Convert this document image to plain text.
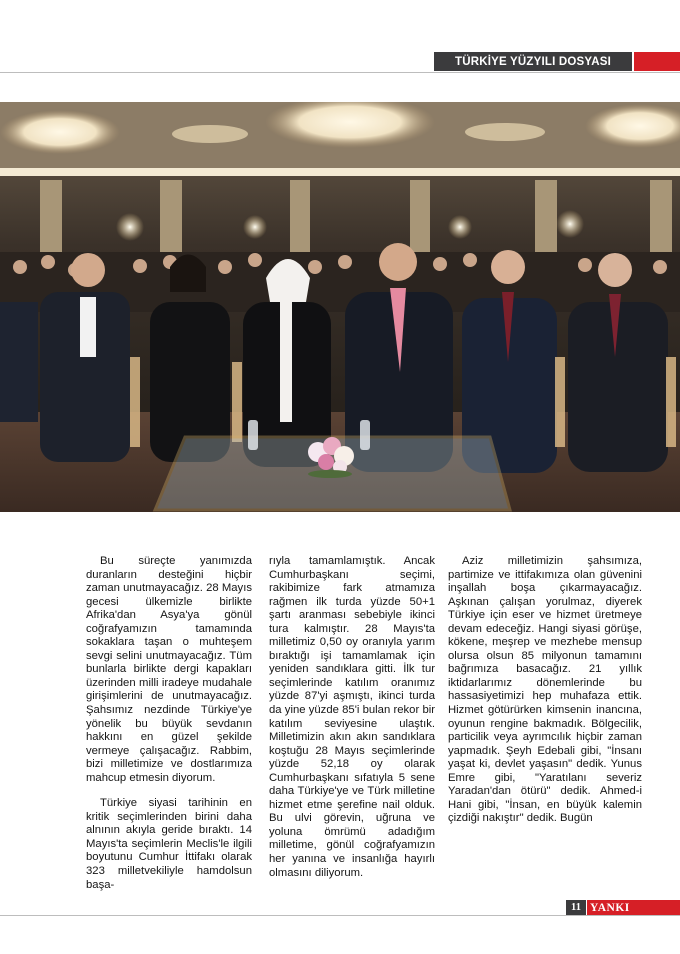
TÜRKİYE YÜZYILI DOSYASI

Bu süreçte yanımızda duranların desteğini hiçbir zaman unutmayacağız. 28 Mayıs gecesi ülkemizle birlikte Afrika'dan Asya'ya gönül coğrafyamızın tamamında sokaklara taşan o muhteşem sevgi selini unutmayacağız. Tüm bunlarla birlikte dergi kapakları üzerinden milli iradeye mudahale girişimlerini de unutmayacağız. Şahsımız nezdinde Türkiye'ye yönelik bu büyük sevdanın hakkını en güzel şekilde vermeye çalışacağız. Rabbim, bizi milletimize ve dostlarımıza mahcup etmesin diyorum.

Türkiye siyasi tarihinin en kritik seçimlerinden birini daha alnının akıyla geride bıraktı. 14 Mayıs'ta seçimlerin Meclis'le ilgili boyutunu Cumhur İttifakı olarak 323 milletvekiliyle hamdolsun başa-

rıyla tamamlamıştık. Ancak Cumhurbaşkanı seçimi, rakibimize fark atmamıza rağmen ilk turda yüzde 50+1 şartı aranması sebebiyle ikinci tura kalmıştır. 28 Mayıs'ta milletimiz 0,50 oy oranıyla yarım bıraktığı işi tamamlamak için yeniden sandıklara gitti. İlk tur seçimlerinde katılım oranımız yüzde 87'yi aşmıştı, ikinci turda da yine yüzde 85'i bulan rekor bir katılım seviyesine ulaştık. Milletimizin akın akın sandıklara koştuğu 28 Mayıs seçimlerinde yüzde 52,18 oy olarak Cumhurbaşkanı sıfatıyla 5 sene daha Türkiye'ye ve Türk milletine hizmet etme şerefine nail olduk. Bu ulvi görevin, uğruna ve yoluna ömrümü adadığım milletime, gönül coğrafyamızın her yanına ve insanlığa hayırlı olmasını diliyorum.

Aziz milletimizin şahsımıza, partimize ve ittifakımıza olan güvenini inşallah boşa çıkarmayacağız. Aşkınan çalışan yorulmaz, diyerek Türkiye için eser ve hizmet üretmeye devam edeceğiz. Hangi siyasi görüşe, kökene, meşrep ve mezhebe mensup olursa olsun 85 milyonun tamamını bağrımıza basacağız. 21 yıllık iktidarlarımız dönemlerinde bu hassasiyetimizi hep muhafaza ettik. Hizmet götürürken kimsenin inancına, oyunun rengine bakmadık. Bölgecilik, particilik veya ayrımcılık hiçbir zaman yapmadık. Şeyh Edebali gibi, "İnsanı yaşat ki, devlet yaşasın" dedik. Yunus Emre gibi, "Yaratılanı severiz Yaradan'dan ötürü" dedik. Ahmed-i Hani gibi, "İnsan, en büyük kalemin çizdiği nakıştır" dedik. Bugün

11 YANKI
